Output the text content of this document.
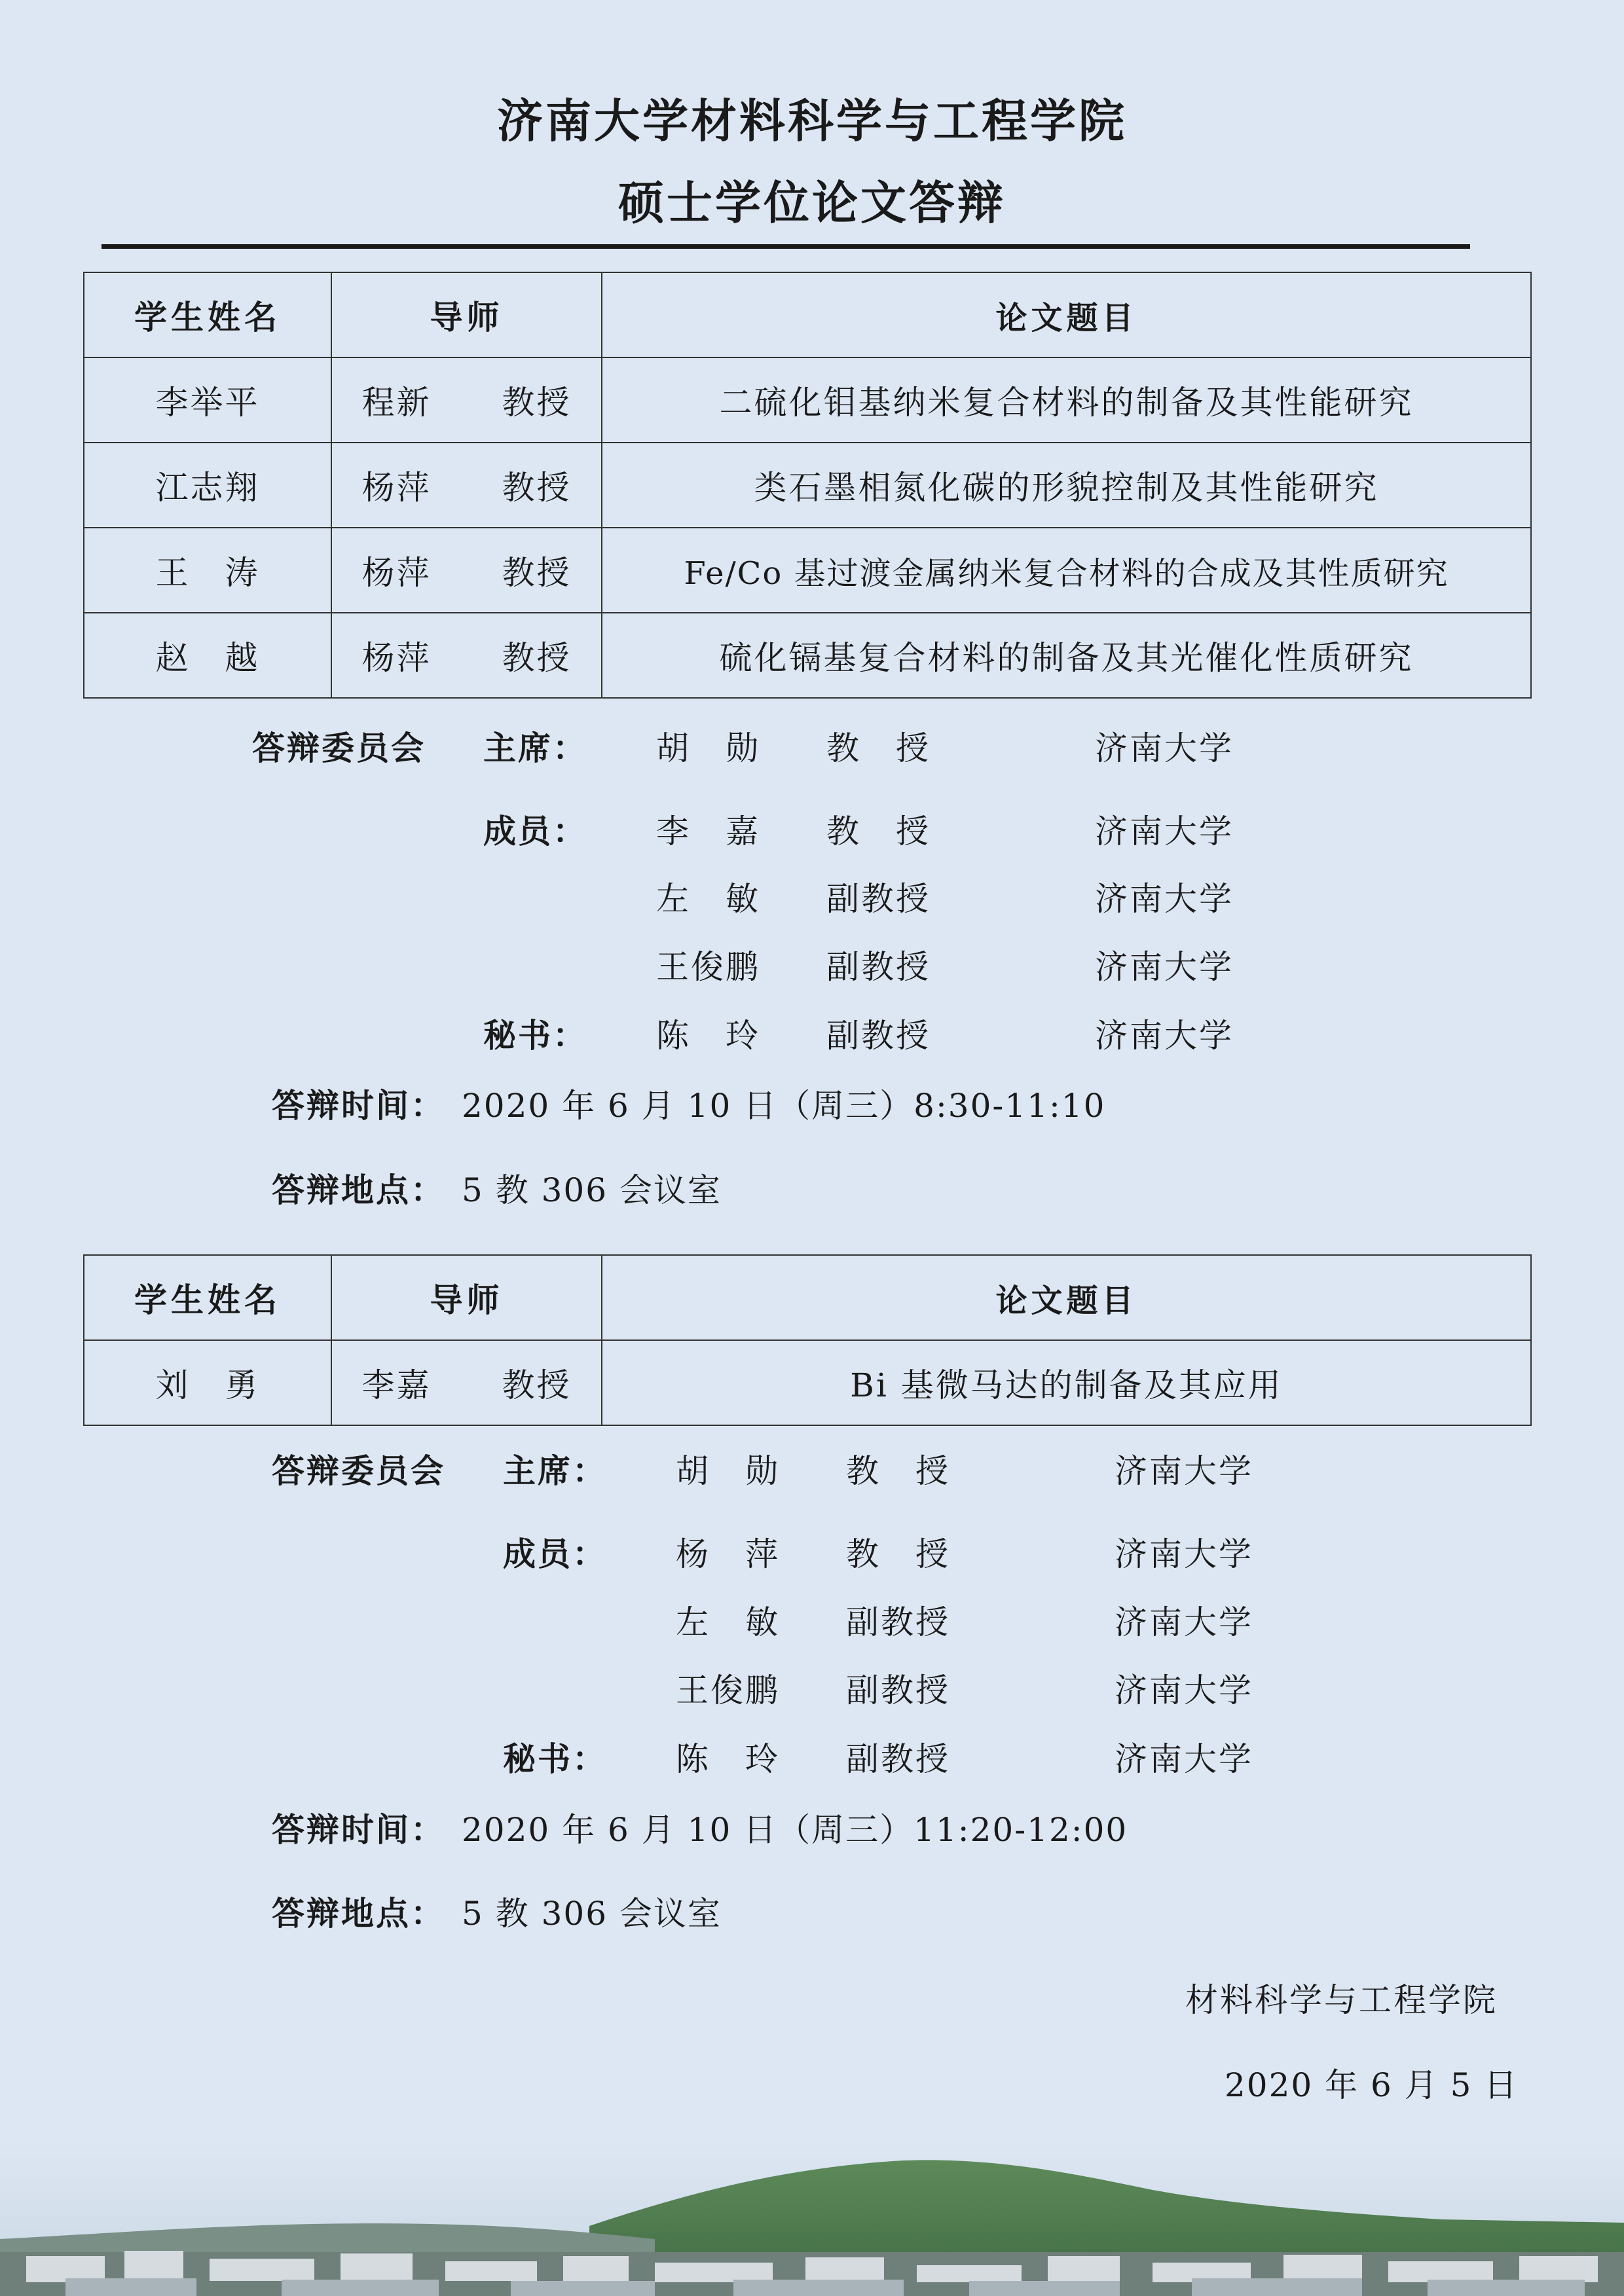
济南大学材料科学与工程学院
硕士学位论文答辩
学生姓名	导师	论文题目
李举平	程新 教授	二硫化钼基纳米复合材料的制备及其性能研究
江志翔	杨萍 教授	类石墨相氮化碳的形貌控制及其性能研究
王　涛	杨萍 教授	Fe/Co 基过渡金属纳米复合材料的合成及其性质研究
赵　越	杨萍 教授	硫化镉基复合材料的制备及其光催化性质研究
答辩委员会 主席： 胡　勋 教　授	济南大学
成员： 李　嘉 教　授	济南大学
左　敏 副教授	济南大学
王俊鹏 副教授	济南大学
秘书： 陈　玲 副教授	济南大学
答辩时间： 2020 年 6 月 10 日（周三）8:30-11:10
答辩地点： 5 教 306 会议室
学生姓名	导师	论文题目
刘　勇	李嘉 教授	Bi 基微马达的制备及其应用
答辩委员会 主席： 胡　勋 教　授	济南大学
成员： 杨　萍 教　授	济南大学
左　敏 副教授	济南大学
王俊鹏 副教授	济南大学
秘书： 陈　玲 副教授	济南大学
答辩时间： 2020 年 6 月 10 日（周三）11:20-12:00
答辩地点： 5 教 306 会议室
材料科学与工程学院
2020 年 6 月 5 日
